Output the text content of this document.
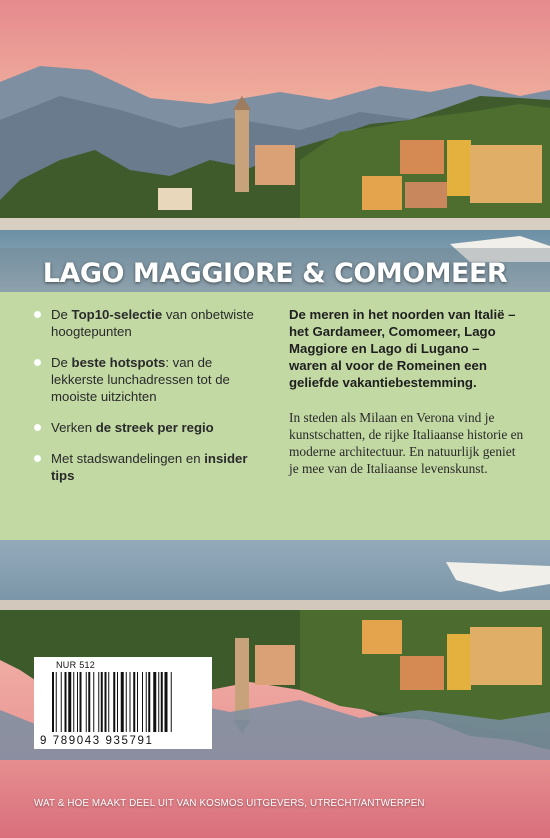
LAGO MAGGIORE & COMOMEER
De Top10-selectie van onbetwiste hoogtepunten
De beste hotspots: van de lekkerste lunchadressen tot de mooiste uitzichten
Verken de streek per regio
Met stadswandelingen en insider tips

De meren in het noorden van Italië – het Gardameer, Comomeer, Lago Maggiore en Lago di Lugano – waren al voor de Romeinen een geliefde vakantiebestemming.

In steden als Milaan en Verona vind je kunstschatten, de rijke Italiaanse historie en moderne architectuur. En natuurlijk geniet je mee van de Italiaanse levenskunst.

NUR 512
9 789043 935791
WAT & HOE MAAKT DEEL UIT VAN KOSMOS UITGEVERS, UTRECHT/ANTWERPEN
